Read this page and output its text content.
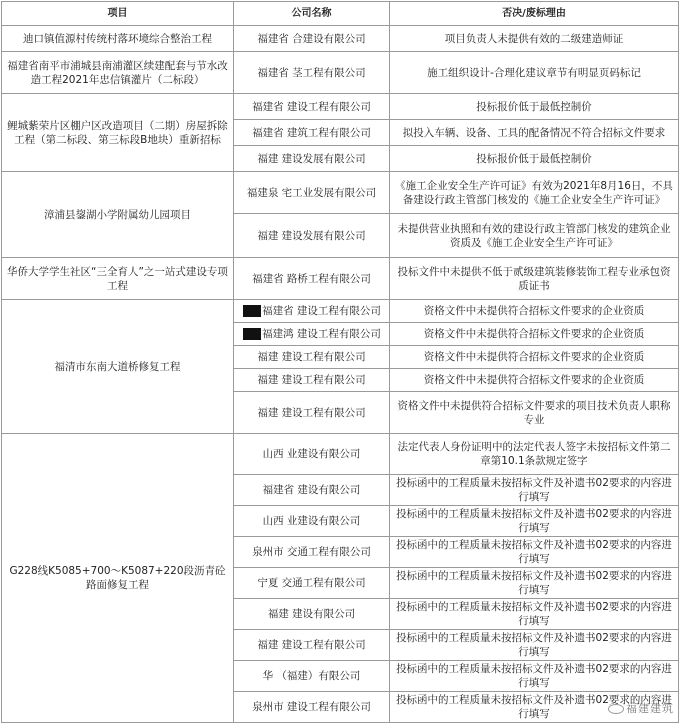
项目	公司名称	否决/废标理由
迪口镇值源村传统村落环境综合整治工程	福建省 合建设有限公司	项目负责人未提供有效的二级建造师证
福建省南平市浦城县南浦灌区续建配套与节水改造工程2021年忠信镇灌片（二标段）	福建省 茎工程有限公司	施工组织设计-合理化建议章节有明显页码标记
鲤城紫荣片区棚户区改造项目（二期）房屋拆除工程（第二标段、第三标段B地块）重新招标	福建省 建设工程有限公司	投标报价低于最低控制价
	福建省 建筑工程有限公司	拟投入车辆、设备、工具的配备情况不符合招标文件要求
	福建 建设发展有限公司	投标报价低于最低控制价
漳浦县鋆湖小学附属幼儿园项目	福建泉 宅工业发展有限公司	《施工企业安全生产许可证》有效为2021年8月16日，不具备建设行政主管部门核发的《施工企业安全生产许可证》
	福建 建设发展有限公司	未提供营业执照和有效的建设行政主管部门核发的建筑企业资质及《施工企业安全生产许可证》
华侨大学学生社区“三全育人”之一站式建设专项工程	福建省 路桥工程有限公司	投标文件中未提供不低于贰级建筑装修装饰工程专业承包资质证书
福清市东南大道桥修复工程	福建省 建设工程有限公司	资格文件中未提供符合招标文件要求的企业资质
	福建鸿 建设工程有限公司	资格文件中未提供符合招标文件要求的企业资质
	福建 建设工程有限公司	资格文件中未提供符合招标文件要求的企业资质
	福建 建设工程有限公司	资格文件中未提供符合招标文件要求的企业资质
	福建 建设工程有限公司	资格文件中未提供符合招标文件要求的项目技术负责人职称专业
G228线K5085+700～K5087+220段沥青砼路面修复工程	山西 业建设有限公司	法定代表人身份证明中的法定代表人签字未按招标文件第二章第10.1条款规定签字
	福建省 建设有限公司	投标函中的工程质量未按招标文件及补遗书02要求的内容进行填写
	山西 业建设有限公司	投标函中的工程质量未按招标文件及补遗书02要求的内容进行填写
	泉州市 交通工程有限公司	投标函中的工程质量未按招标文件及补遗书02要求的内容进行填写
	宁夏 交通工程有限公司	投标函中的工程质量未按招标文件及补遗书02要求的内容进行填写
	福建 建设有限公司	投标函中的工程质量未按招标文件及补遗书02要求的内容进行填写
	福建 建设工程有限公司	投标函中的工程质量未按招标文件及补遗书02要求的内容进行填写
	华 （福建）有限公司	投标函中的工程质量未按招标文件及补遗书02要求的内容进行填写
	泉州市 建设工程有限公司	投标函中的工程质量未按招标文件及补遗书02要求的内容进行填写	福建建筑
